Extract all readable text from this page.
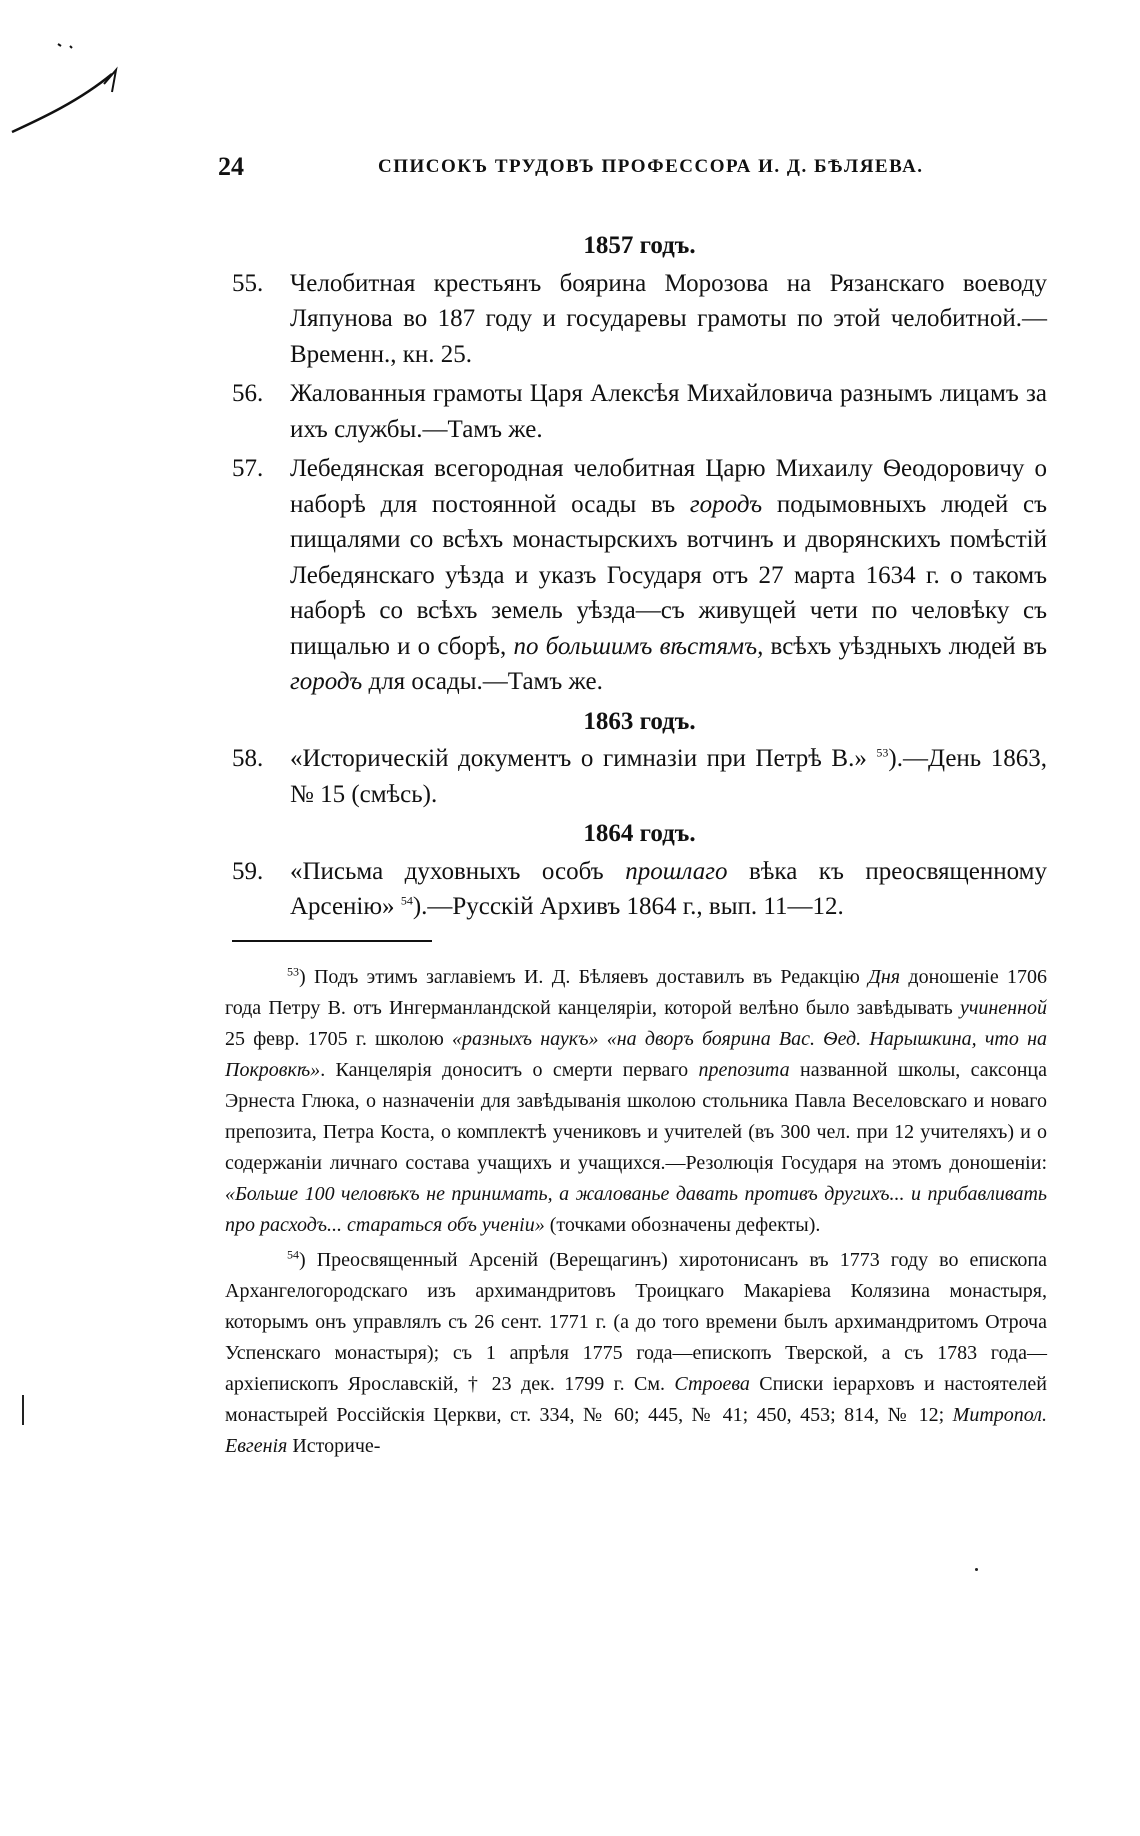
24	СПИСОКЪ ТРУДОВЪ ПРОФЕССОРА И. Д. БѢЛЯЕВА.

1857 годъ.

55. Челобитная крестьянъ боярина Морозова на Рязанскаго воеводу Ляпунова во 187 году и государевы грамоты по этой челобитной.—Временн., кн. 25.

56. Жалованныя грамоты Царя Алексѣя Михайловича разнымъ лицамъ за ихъ службы.—Тамъ же.

57. Лебедянская всегородная челобитная Царю Михаилу Ѳеодоровичу о наборѣ для постоянной осады въ городъ подымовныхъ людей съ пищалями со всѣхъ монастырскихъ вотчинъ и дворянскихъ помѣстій Лебедянскаго уѣзда и указъ Государя отъ 27 марта 1634 г. о такомъ наборѣ со всѣхъ земель уѣзда—съ живущей чети по человѣку съ пищалью и о сборѣ, по большимъ вѣстямъ, всѣхъ уѣздныхъ людей въ городъ для осады.—Тамъ же.

1863 годъ.

58. «Историческій документъ о гимназіи при Петрѣ В.» $^{53}$).—День 1863, № 15 (смѣсь).

1864 годъ.

59. «Письма духовныхъ особъ прошлаго вѣка къ преосвященному Арсенію» $^{54}$).—Русскій Архивъ 1864 г., вып. 11—12.

$^{53}$) Подъ этимъ заглавіемъ И. Д. Бѣляевъ доставилъ въ Редакцію Дня доношеніе 1706 года Петру В. отъ Ингерманландской канцеляріи, которой велѣно было завѣдывать учиненной 25 февр. 1705 г. школою «разныхъ наукъ» «на дворъ боярина Вас. Ѳед. Нарышкина, что на Покровкѣ». Канцелярія доноситъ о смерти перваго препозита названной школы, саксонца Эрнеста Глюка, о назначеніи для завѣдыванія школою стольника Павла Веселовскаго и новаго препозита, Петра Коста, о комплектѣ учениковъ и учителей (въ 300 чел. при 12 учителяхъ) и о содержаніи личнаго состава учащихъ и учащихся.—Резолюція Государя на этомъ доношеніи: «Больше 100 человѣкъ не принимать, а жалованье давать противъ другихъ... и прибавливать про расходъ... стараться объ ученіи» (точками обозначены дефекты).

$^{54}$) Преосвященный Арсеній (Верещагинъ) хиротонисанъ въ 1773 году во епископа Архангелогородскаго изъ архимандритовъ Троицкаго Макаріева Колязина монастыря, которымъ онъ управлялъ съ 26 сент. 1771 г. (а до того времени былъ архимандритомъ Отроча Успенскаго монастыря); съ 1 апрѣля 1775 года—епископъ Тверской, а съ 1783 года—архіепископъ Ярославскій, † 23 дек. 1799 г. См. Строева Списки іерарховъ и настоятелей монастырей Россійскія Церкви, ст. 334, № 60; 445, № 41; 450, 453; 814, № 12; Митропол. Евгенія Историче-
